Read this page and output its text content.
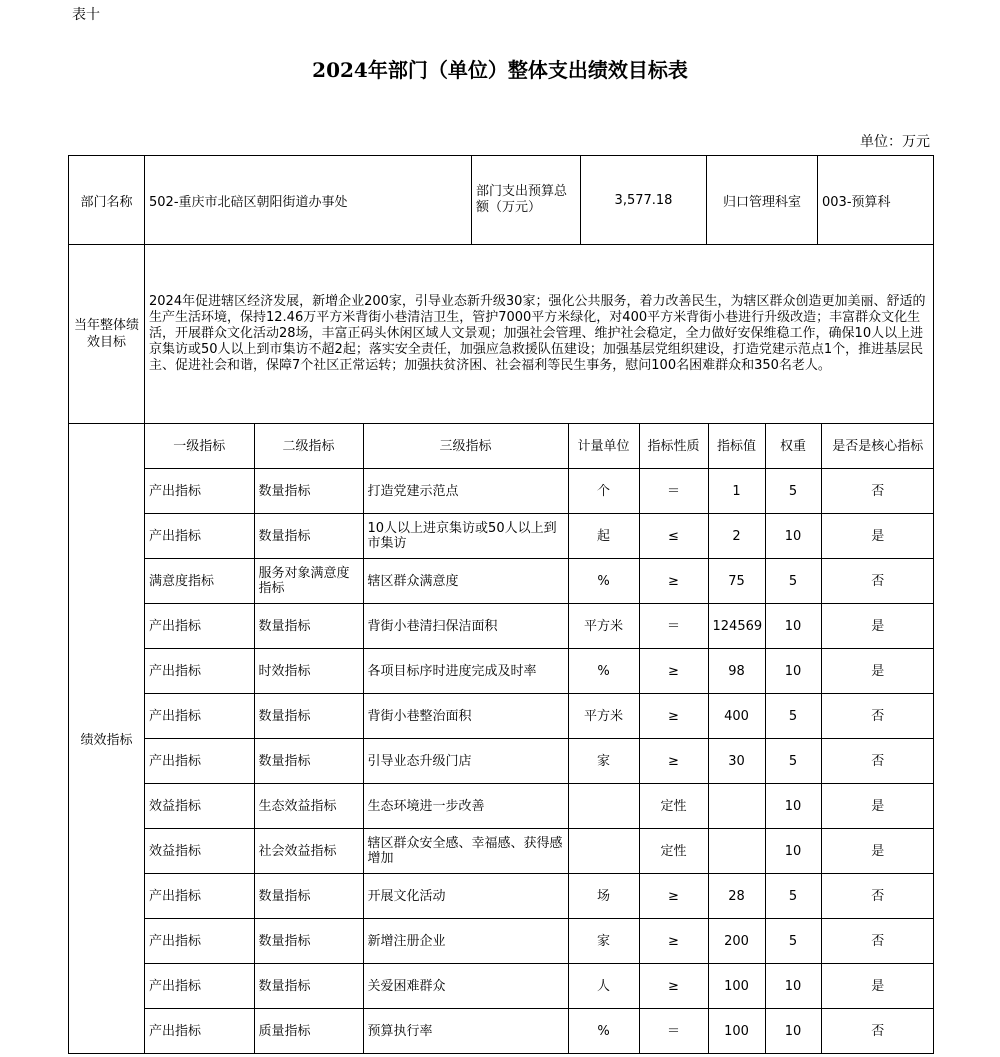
表十
2024年部门（单位）整体支出绩效目标表
单位：万元
部门名称	502-重庆市北碚区朝阳街道办事处	部门支出预算总额（万元）	3,577.18	归口管理科室	003-预算科
当年整体绩效目标	2024年促进辖区经济发展，新增企业200家，引导业态新升级30家；强化公共服务，着力改善民生，为辖区群众创造更加美丽、舒适的生产生活环境，保持12.46万平方米背街小巷清洁卫生，管护7000平方米绿化，对400平方米背街小巷进行升级改造；丰富群众文化生活，开展群众文化活动28场，丰富正码头休闲区域人文景观；加强社会管理、维护社会稳定，全力做好安保维稳工作，确保10人以上进京集访或50人以上到市集访不超2起；落实安全责任，加强应急救援队伍建设；加强基层党组织建设，打造党建示范点1个，推进基层民主、促进社会和谐，保障7个社区正常运转；加强扶贫济困、社会福利等民生事务，慰问100名困难群众和350名老人。
绩效指标	
一级指标	二级指标	三级指标	计量单位	指标性质	指标值	权重	是否是核心指标
产出指标	数量指标	打造党建示范点	个	＝	1	5	否
产出指标	数量指标	10人以上进京集访或50人以上到市集访	起	≤	2	10	是
满意度指标	服务对象满意度指标	辖区群众满意度	%	≥	75	5	否
产出指标	数量指标	背街小巷清扫保洁面积	平方米	＝	124569	10	是
产出指标	时效指标	各项目标序时进度完成及时率	%	≥	98	10	是
产出指标	数量指标	背街小巷整治面积	平方米	≥	400	5	否
产出指标	数量指标	引导业态升级门店	家	≥	30	5	否
效益指标	生态效益指标	生态环境进一步改善		定性		10	是
效益指标	社会效益指标	辖区群众安全感、幸福感、获得感增加		定性		10	是
产出指标	数量指标	开展文化活动	场	≥	28	5	否
产出指标	数量指标	新增注册企业	家	≥	200	5	否
产出指标	数量指标	关爱困难群众	人	≥	100	10	是
产出指标	质量指标	预算执行率	%	＝	100	10	否
